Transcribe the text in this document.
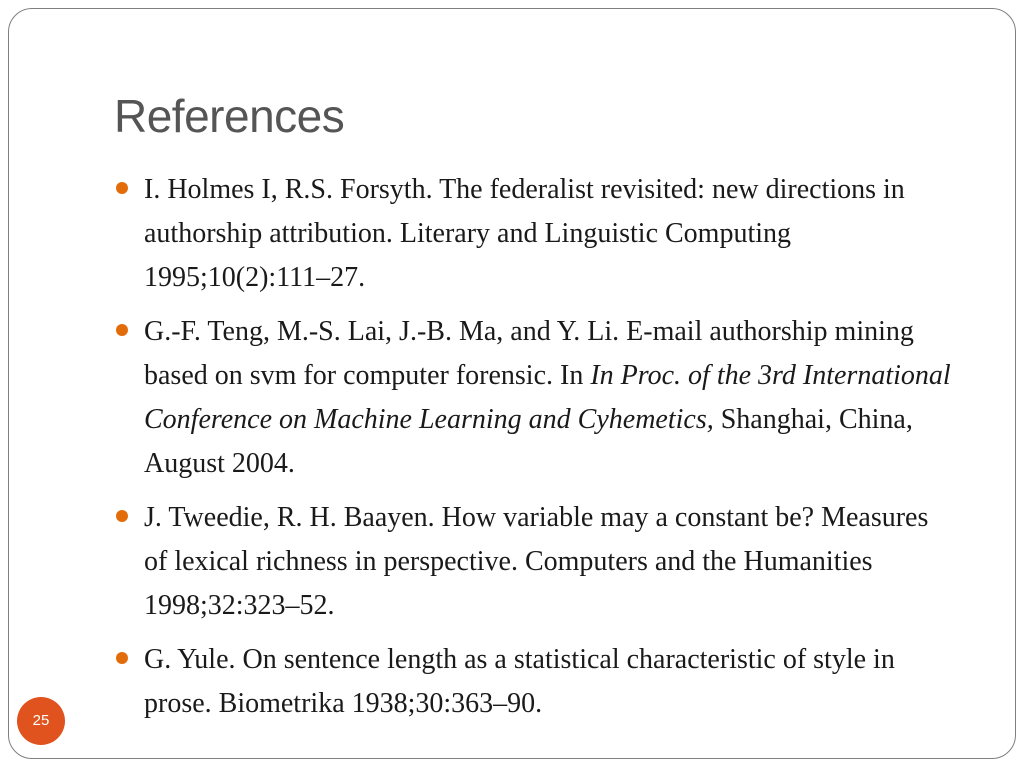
References
I. Holmes I, R.S. Forsyth. The federalist revisited: new directions in authorship attribution. Literary and Linguistic Computing 1995;10(2):111–27.
G.-F. Teng, M.-S. Lai, J.-B. Ma, and Y. Li. E-mail authorship mining based on svm for computer forensic. In In Proc. of the 3rd International Conference on Machine Learning and Cyhemetics, Shanghai, China, August 2004.
J. Tweedie, R. H. Baayen. How variable may a constant be? Measures of lexical richness in perspective. Computers and the Humanities 1998;32:323–52.
G. Yule. On sentence length as a statistical characteristic of style in prose. Biometrika 1938;30:363–90.
25
